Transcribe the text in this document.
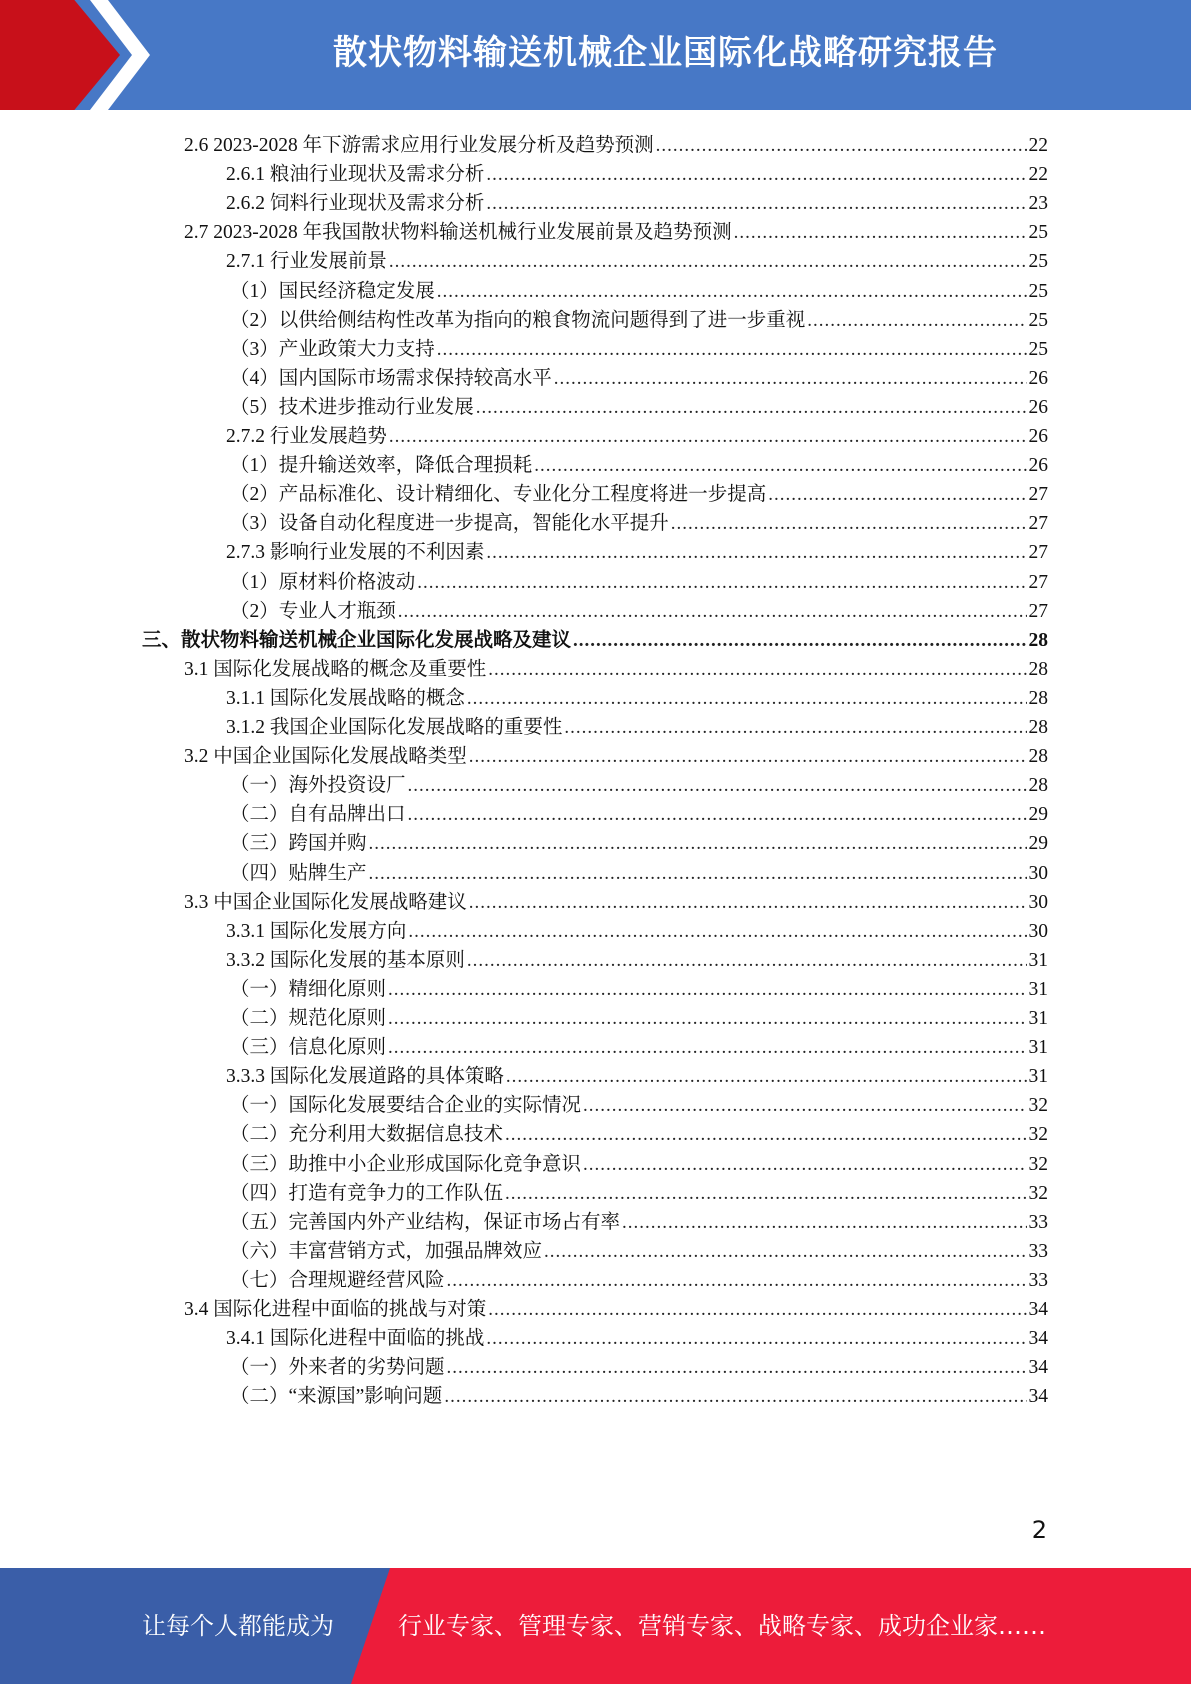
散状物料输送机械企业国际化战略研究报告
2.6 2023-2028 年下游需求应用行业发展分析及趋势预测 .....	22
2.6.1 粮油行业现状及需求分析 .....	22
2.6.2 饲料行业现状及需求分析 .....	23
2.7 2023-2028 年我国散状物料输送机械行业发展前景及趋势预测 .....	25
2.7.1 行业发展前景 .....	25
（1）国民经济稳定发展 .....	25
（2）以供给侧结构性改革为指向的粮食物流问题得到了进一步重视 .....	25
（3）产业政策大力支持 .....	25
（4）国内国际市场需求保持较高水平 .....	26
（5）技术进步推动行业发展 .....	26
2.7.2 行业发展趋势 .....	26
（1）提升输送效率，降低合理损耗 .....	26
（2）产品标准化、设计精细化、专业化分工程度将进一步提高 .....	27
（3）设备自动化程度进一步提高，智能化水平提升 .....	27
2.7.3 影响行业发展的不利因素 .....	27
（1）原材料价格波动 .....	27
（2）专业人才瓶颈 .....	27
三、散状物料输送机械企业国际化发展战略及建议 .....	28
3.1 国际化发展战略的概念及重要性 .....	28
3.1.1 国际化发展战略的概念 .....	28
3.1.2 我国企业国际化发展战略的重要性 .....	28
3.2 中国企业国际化发展战略类型 .....	28
（一）海外投资设厂 .....	28
（二）自有品牌出口 .....	29
（三）跨国并购 .....	29
（四）贴牌生产 .....	30
3.3 中国企业国际化发展战略建议 .....	30
3.3.1 国际化发展方向 .....	30
3.3.2 国际化发展的基本原则 .....	31
（一）精细化原则 .....	31
（二）规范化原则 .....	31
（三）信息化原则 .....	31
3.3.3 国际化发展道路的具体策略 .....	31
（一）国际化发展要结合企业的实际情况 .....	32
（二）充分利用大数据信息技术 .....	32
（三）助推中小企业形成国际化竞争意识 .....	32
（四）打造有竞争力的工作队伍 .....	32
（五）完善国内外产业结构，保证市场占有率 .....	33
（六）丰富营销方式，加强品牌效应 .....	33
（七）合理规避经营风险 .....	33
3.4 国际化进程中面临的挑战与对策 .....	34
3.4.1 国际化进程中面临的挑战 .....	34
（一）外来者的劣势问题 .....	34
（二）“来源国”影响问题 .....	34
2
让每个人都能成为	行业专家、管理专家、营销专家、战略专家、成功企业家……
